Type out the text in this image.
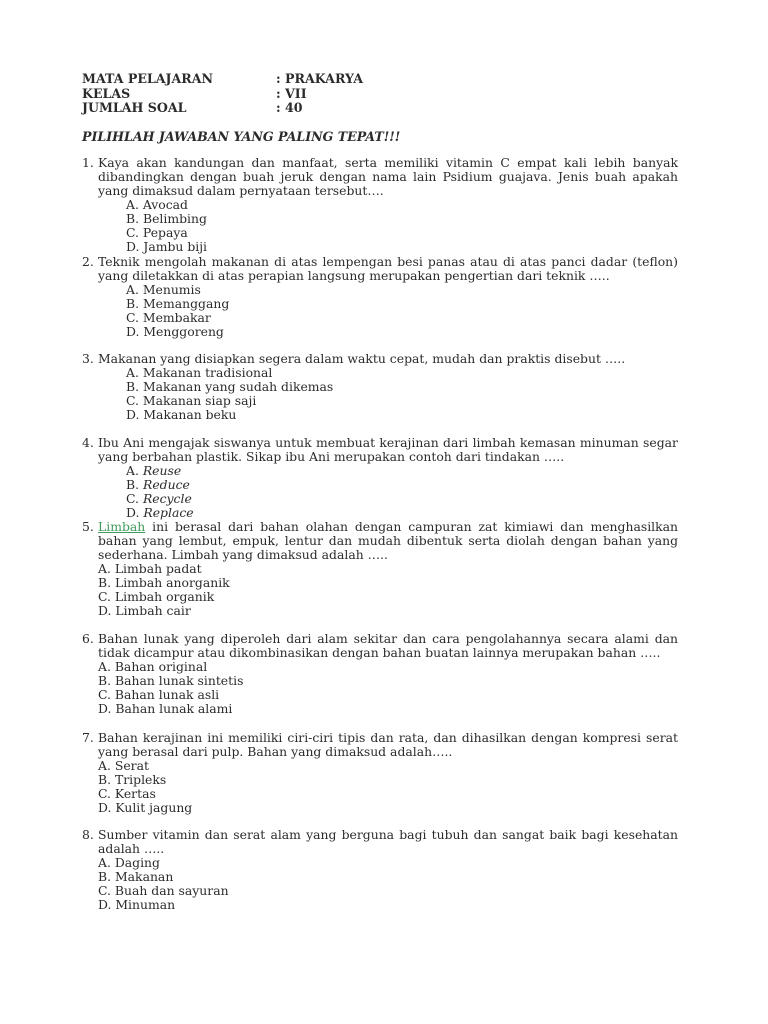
MATA PELAJARAN	: PRAKARYA
KELAS	: VII
JUMLAH SOAL	: 40
PILIHLAH JAWABAN YANG PALING TEPAT!!!
1. Kaya akan kandungan dan manfaat, serta memiliki vitamin C empat kali lebih banyak dibandingkan dengan buah jeruk dengan nama lain Psidium guajava. Jenis buah apakah yang dimaksud dalam pernyataan tersebut….
A. Avocad
B. Belimbing
C. Pepaya
D. Jambu biji
2. Teknik mengolah makanan di atas lempengan besi panas atau di atas panci dadar (teflon) yang diletakkan di atas perapian langsung merupakan pengertian dari teknik …..
A. Menumis
B. Memanggang
C. Membakar
D. Menggoreng
3. Makanan yang disiapkan segera dalam waktu cepat, mudah dan praktis disebut …..
A. Makanan tradisional
B. Makanan yang sudah dikemas
C. Makanan siap saji
D. Makanan beku
4. Ibu Ani mengajak siswanya untuk membuat kerajinan dari limbah kemasan minuman segar yang berbahan plastik. Sikap ibu Ani merupakan contoh dari tindakan …..
A. Reuse
B. Reduce
C. Recycle
D. Replace
5. Limbah ini berasal dari bahan olahan dengan campuran zat kimiawi dan menghasilkan bahan yang lembut, empuk, lentur dan mudah dibentuk serta diolah dengan bahan yang sederhana. Limbah yang dimaksud adalah …..
A. Limbah padat
B. Limbah anorganik
C. Limbah organik
D. Limbah cair
6. Bahan lunak yang diperoleh dari alam sekitar dan cara pengolahannya secara alami dan tidak dicampur atau dikombinasikan dengan bahan buatan lainnya merupakan bahan …..
A. Bahan original
B. Bahan lunak sintetis
C. Bahan lunak asli
D. Bahan lunak alami
7. Bahan kerajinan ini memiliki ciri-ciri tipis dan rata, dan dihasilkan dengan kompresi serat yang berasal dari pulp. Bahan yang dimaksud adalah…..
A. Serat
B. Tripleks
C. Kertas
D. Kulit jagung
8. Sumber vitamin dan serat alam yang berguna bagi tubuh dan sangat baik bagi kesehatan adalah …..
A. Daging
B. Makanan
C. Buah dan sayuran
D. Minuman
